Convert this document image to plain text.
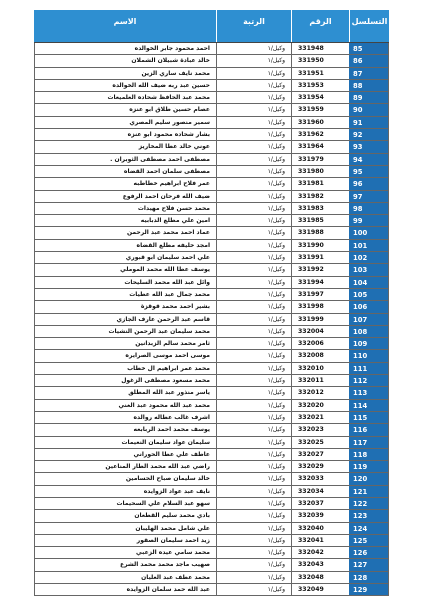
التسلسل
الرقم
الرتبة
الاسم
85
331948
وكيل/١
احمد محمود جابر الخوالده
86
331950
وكيل/١
خالد عبادة شبيلان الشملان
87
331951
وكيل/١
محمد نايف ساري الزين
88
331953
وكيل/١
حسين عبد ربه ضيف الله الخوالده
89
331954
وكيل/١
محمد عبد الحافظ شحاده العلميعات
90
331959
وكيل/١
عصام حسين طلاق ابو عنزه
91
331960
وكيل/١
سمير منصور سليم المصري
92
331962
وكيل/١
بشار شحاده محمود ابو عنزه
93
331964
وكيل/١
عوني خالد عطا المخاريز
94
331979
وكيل/١
مصطفى احمد مصطفى الثوبران .
95
331980
وكيل/١
مصطفى سلمان احمد القضاه
96
331981
وكيل/١
عمر فلاح ابراهيم خطاطبه
97
331982
وكيل/١
ضيف الله فرحان احمد الرفوع
98
331983
وكيل/١
محمد حسن فلاح مهيدات
99
331985
وكيل/١
امين علي مطلع الدبابيه
100
331988
وكيل/١
عماد احمد محمد عبد الرحمن
101
331990
وكيل/١
امجد خليفه مطلع القضاه
102
331991
وكيل/١
علي احمد سليمان ابو قبوري
103
331992
وكيل/١
يوسف عطا الله محمد الموملي
104
331994
وكيل/١
وائل عبد الله محمد السليحات
105
331997
وكيل/١
محمد جمال عبد الله عطيات
106
331998
وكيل/١
بشير احمد محمد قوقزة
107
331999
وكيل/١
قاسم عبد الرحمن عارف الجازي
108
332004
وكيل/١
محمد سليمان عبد الرحمن النشيات
109
332006
وكيل/١
ثامر محمد سالم الزبدانين
110
332008
وكيل/١
موسى احمد موسى الصرايره
111
332010
وكيل/١
محمد عمر ابراهيم ال خطاب
112
332011
وكيل/١
محمد مسعود مصطفى الزغول
113
332012
وكيل/١
ياسر منذور عبد الله المطلق
114
332020
وكيل/١
محمد عبد الله محمود عبد الغني
115
332021
وكيل/١
اشرف غالب عطاله روالده
116
332023
وكيل/١
يوسف محمد احمد الربابعه
117
332025
وكيل/١
سليمان عواد سليمان النعيمات
118
332027
وكيل/١
عاطف علي عطا الحوراني
119
332029
وكيل/١
راضي عبد الله محمد الطار المناعين
120
332033
وكيل/١
خالد سليمان صباح الحسامين
121
332034
وكيل/١
نايف عبد عواد الزوايده
122
332037
وكيل/١
سهو عبد السلام علي السحيمات
123
332039
وكيل/١
بادي محمد سليم القطعان
124
332040
وكيل/١
علي شامل محمد الهليبان
125
332041
وكيل/١
زيد احمد سليمان الصقور
126
332042
وكيل/١
محمد سامي عيده الزعبي
127
332043
وكيل/١
صهيب ماجد محمد محمد الشرع
128
332048
وكيل/١
محمد عطف عبد العليان
129
332049
وكيل/١
عبد الله حمد سلمان الزوايده
